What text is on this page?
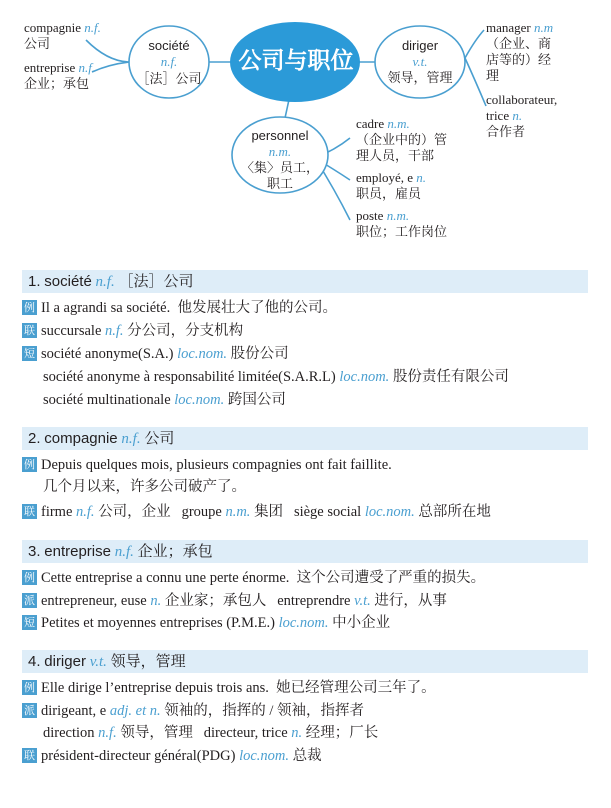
公司与职位
société
n.f.
［法］公司
diriger
v.t.
领导，管理
personnel
n.m.
〈集〉员工，
职工
compagnie n.f.
公司
entreprise n.f.
企业；承包
manager n.m
（企业、商
店等的）经
理
collaborateur,
trice n.
合作者
cadre n.m.
（企业中的）管
理人员，干部
employé, e n.
职员，雇员
poste n.m.
职位；工作岗位
1. société n.f. ［法］公司
例 Il a agrandi sa société. 他发展壮大了他的公司。
联 succursale n.f. 分公司，分支机构
短 société anonyme(S.A.) loc.nom. 股份公司
société anonyme à responsabilité limitée(S.A.R.L) loc.nom. 股份责任有限公司
société multinationale loc.nom. 跨国公司
2. compagnie n.f. 公司
例 Depuis quelques mois, plusieurs compagnies ont fait faillite.
几个月以来，许多公司破产了。
联 firme n.f. 公司，企业 groupe n.m. 集团 siège social loc.nom. 总部所在地
3. entreprise n.f. 企业；承包
例 Cette entreprise a connu une perte énorme. 这个公司遭受了严重的损失。
派 entrepreneur, euse n. 企业家；承包人 entreprendre v.t. 进行，从事
短 Petites et moyennes entreprises (P.M.E.) loc.nom. 中小企业
4. diriger v.t. 领导，管理
例 Elle dirige l’entreprise depuis trois ans. 她已经管理公司三年了。
派 dirigeant, e adj. et n. 领袖的，指挥的 / 领袖，指挥者
direction n.f. 领导，管理 directeur, trice n. 经理；厂长
联 président-directeur général(PDG) loc.nom. 总裁
